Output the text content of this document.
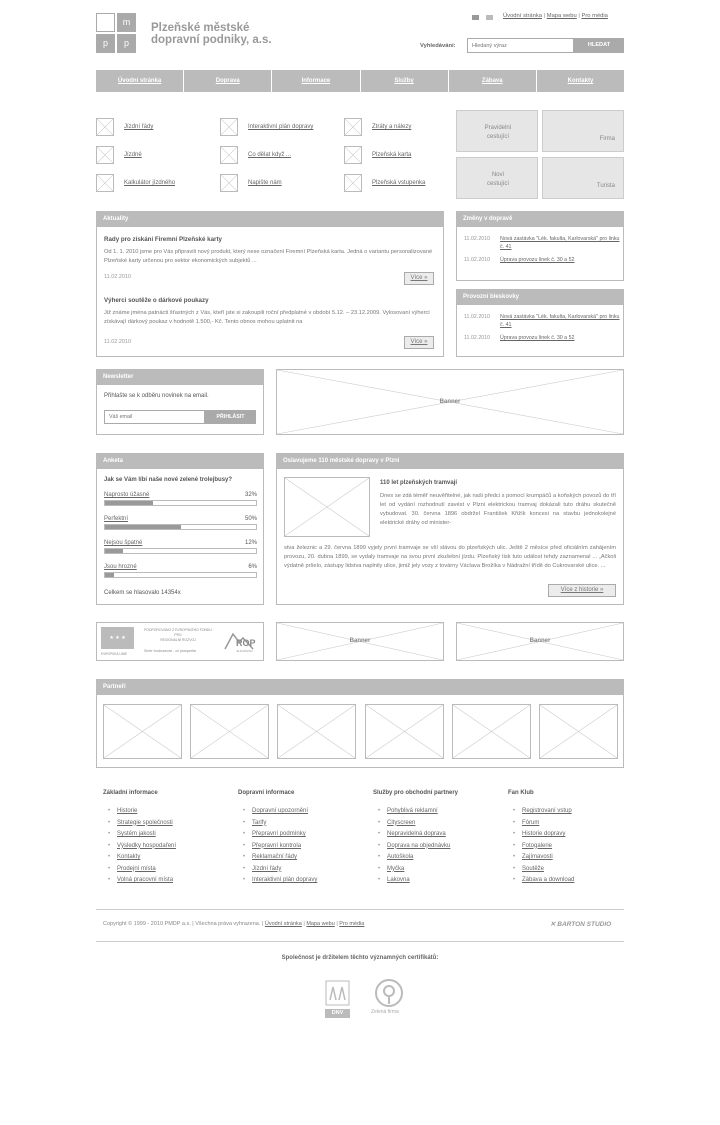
m
p	p
Plzeňské městské
dopravní podniky, a.s.
Úvodní stránka | Mapa webu | Pro média
Vyhledávání:
Hledaný výraz	HLEDAT
Úvodní stránka	Doprava	Informace	Služby	Zábava	Kontakty
Jízdní řády	Interaktivní plán dopravy	Ztráty a nálezy
Jízdné	Co dělat když ...	Plzeňská karta
Kalkulátor jízdného	Napište nám	Plzeňská vstupenka
Pravidelní
cestující	Firma
Noví
cestující	Turista
Aktuality
Rady pro získání Firemní Plzeňské karty

Od 1. 1. 2010 jsme pro Vás připravili nový produkt, který nese označení Firemní Plzeňská karta. Jedná o variantu personalizované Plzeňské karty určenou pro sektor ekonomických subjektů ...

11.02.2010	Více »
Výherci soutěže o dárkové poukazy

Již známe jména patnácti šťastných z Vás, kteří jste si zakoupili roční předplatné v období 5.12. – 23.12.2009. Vylosovaní výherci získávají dárkový poukaz v hodnotě 1.500,- Kč. Tento obnos mohou uplatnit na

11.02.2010	Více »
Změny v dopravě
11.02.2010	Nová zastávka "Lék. fakulta, Karlovarská" pro linku č. 41
11.02.2010	Úprava provozu linek č. 30 a 52
Provozní bleskovky
11.02.2010	Nová zastávka "Lék. fakulta, Karlovarská" pro linku č. 41
11.02.2010	Úprava provozu linek č. 30 a 52
Newsletter
Přihlašte se k odběru novinek na email.
Váš email
PŘIHLÁSIT
Banner
Anketa
Jak se Vám líbí naše nové zelené trolejbusy?
Naprosto úžasné	32%
Perfektní	50%
Nejsou špatné	12%
Jsou hrozné	6%
Celkem se hlasovalo 14354x
Oslavujeme 110 městské dopravy v Plzni
110 let plzeňských tramvají
Dnes se zdá téměř neuvěřitelné, jak naši předci s pomocí krumpáčů a koňských povozů do tří let od vydání rozhodnutí zavést v Plzni elektrickou tramvaj dokázali tuto dráhu skutečně vybudovat. 30. června 1896 obdržel František Křižík koncesi na stavbu jednokolejné elektrické dráhy od minister-
stva železnic a 29. června 1899 vyjely první tramvaje se vší slávou do plzeňských ulic. Ještě 2 měsíce před oficiálním zahájením provozu, 20. dubna 1899, se vydaly tramvaje na svou první zkušební jízdu. Plzeňský tisk tuto událost tehdy zaznamenal ... „Ačkoli výdatně pršelo, zástupy lidstva naplnily ulice, jimiž jely vozy z továrny Václava Brožíka v Nádražní třídě do Cukrovarské ulice. ...
Více z historie »
★ ★ ★
EVROPSKÁ UNIE
PODPOROVÁNO Z EVROPSKÉHO FONDU
PRO
REGIONÁLNÍ ROZVOJ
Směr budoucnost - cíl prosperita
ROP
JIHOZÁPAD
Banner	Banner
Partneři
Základní informace
•	Historie
•	Strategie společnosti
•	Systém jakosti
•	Výsledky hospodaření
•	Kontakty
•	Prodejní místa
•	Volná pracovní místa
Dopravní informace
•	Dopravní upozornění
•	Tarify
•	Přepravní podmínky
•	Přepravní kontrola
•	Reklamační řády
•	Jízdní řády
•	Interaktivní plán dopravy
Služby pro obchodní partnery
•	Pohyblivá reklamní
•	Cityscreen
•	Nepravidelná doprava
•	Doprava na objednávku
•	Autoškola
•	Myčka
•	Lakovna
Fan Klub
•	Registrovaní vstup
•	Fórum
•	Historie dopravy
•	Fotogalerie
•	Zajímavosti
•	Soutěže
•	Zábava a download
Copyright © 1999 - 2010 PMDP a.s. | Všechna práva vyhrazena. | Úvodní stránka | Mapa webu | Pro média	✕ BARTON STUDIO
Společnost je držitelem těchto významných certifikátů:
DNV	Zelená firma
